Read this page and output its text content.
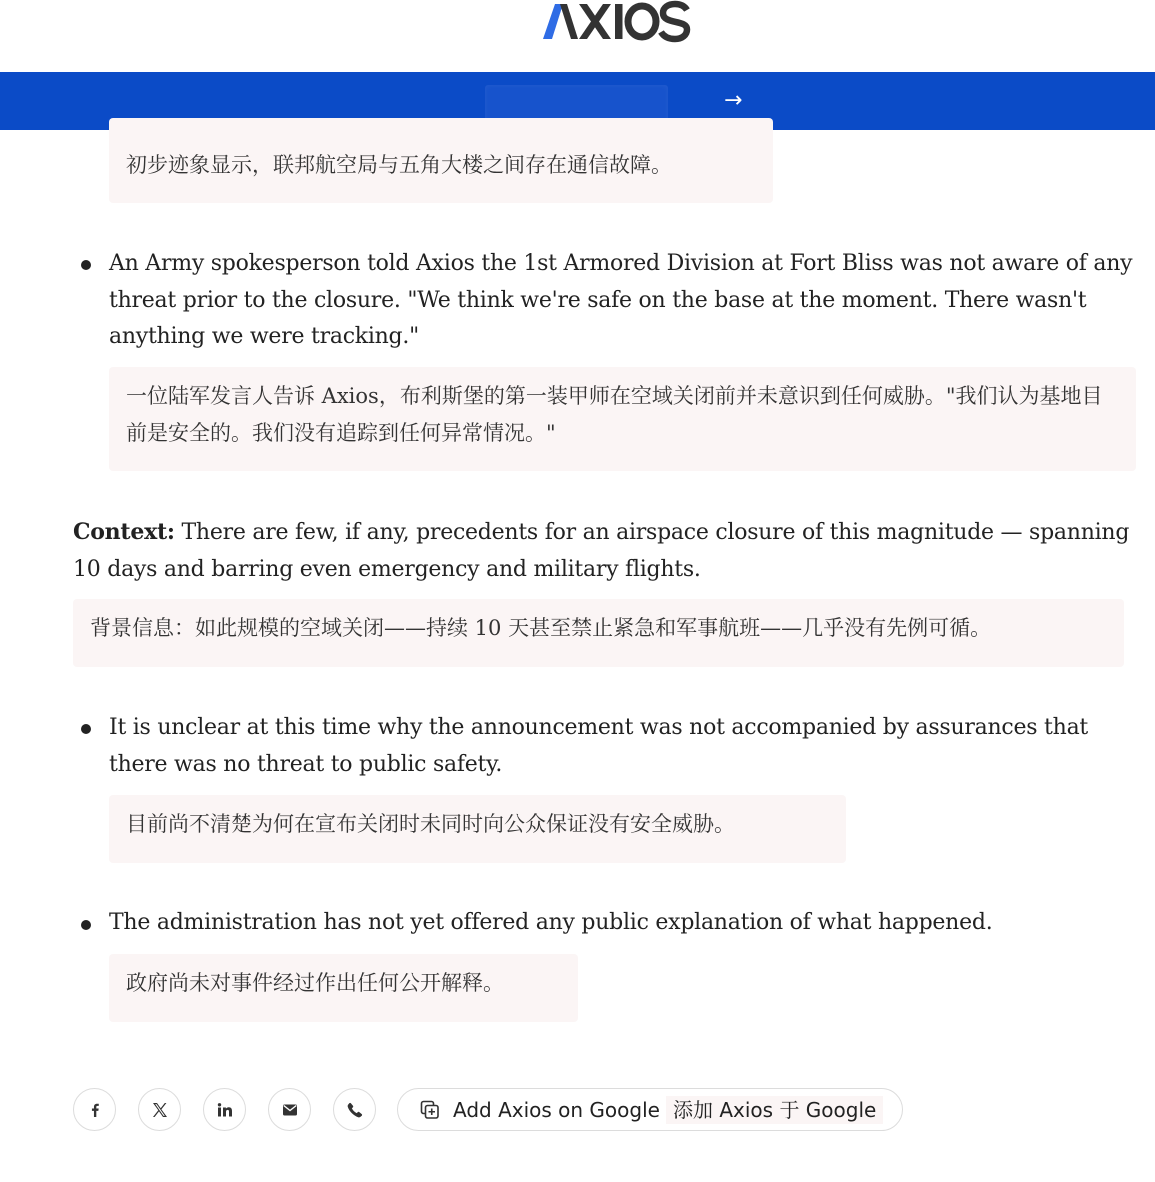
→
初步迹象显示，联邦航空局与五角大楼之间存在通信故障。
An Army spokesperson told Axios the 1st Armored Division at Fort Bliss was not aware of any threat prior to the closure. "We think we're safe on the base at the moment. There wasn't anything we were tracking."
一位陆军发言人告诉 Axios，布利斯堡的第一装甲师在空域关闭前并未意识到任何威胁。"我们认为基地目前是安全的。我们没有追踪到任何异常情况。"
Context: There are few, if any, precedents for an airspace closure of this magnitude — spanning 10 days and barring even emergency and military flights.
背景信息：如此规模的空域关闭——持续 10 天甚至禁止紧急和军事航班——几乎没有先例可循。
It is unclear at this time why the announcement was not accompanied by assurances that there was no threat to public safety.
目前尚不清楚为何在宣布关闭时未同时向公众保证没有安全威胁。
The administration has not yet offered any public explanation of what happened.
政府尚未对事件经过作出任何公开解释。
Add Axios on Google 添加 Axios 于 Google
